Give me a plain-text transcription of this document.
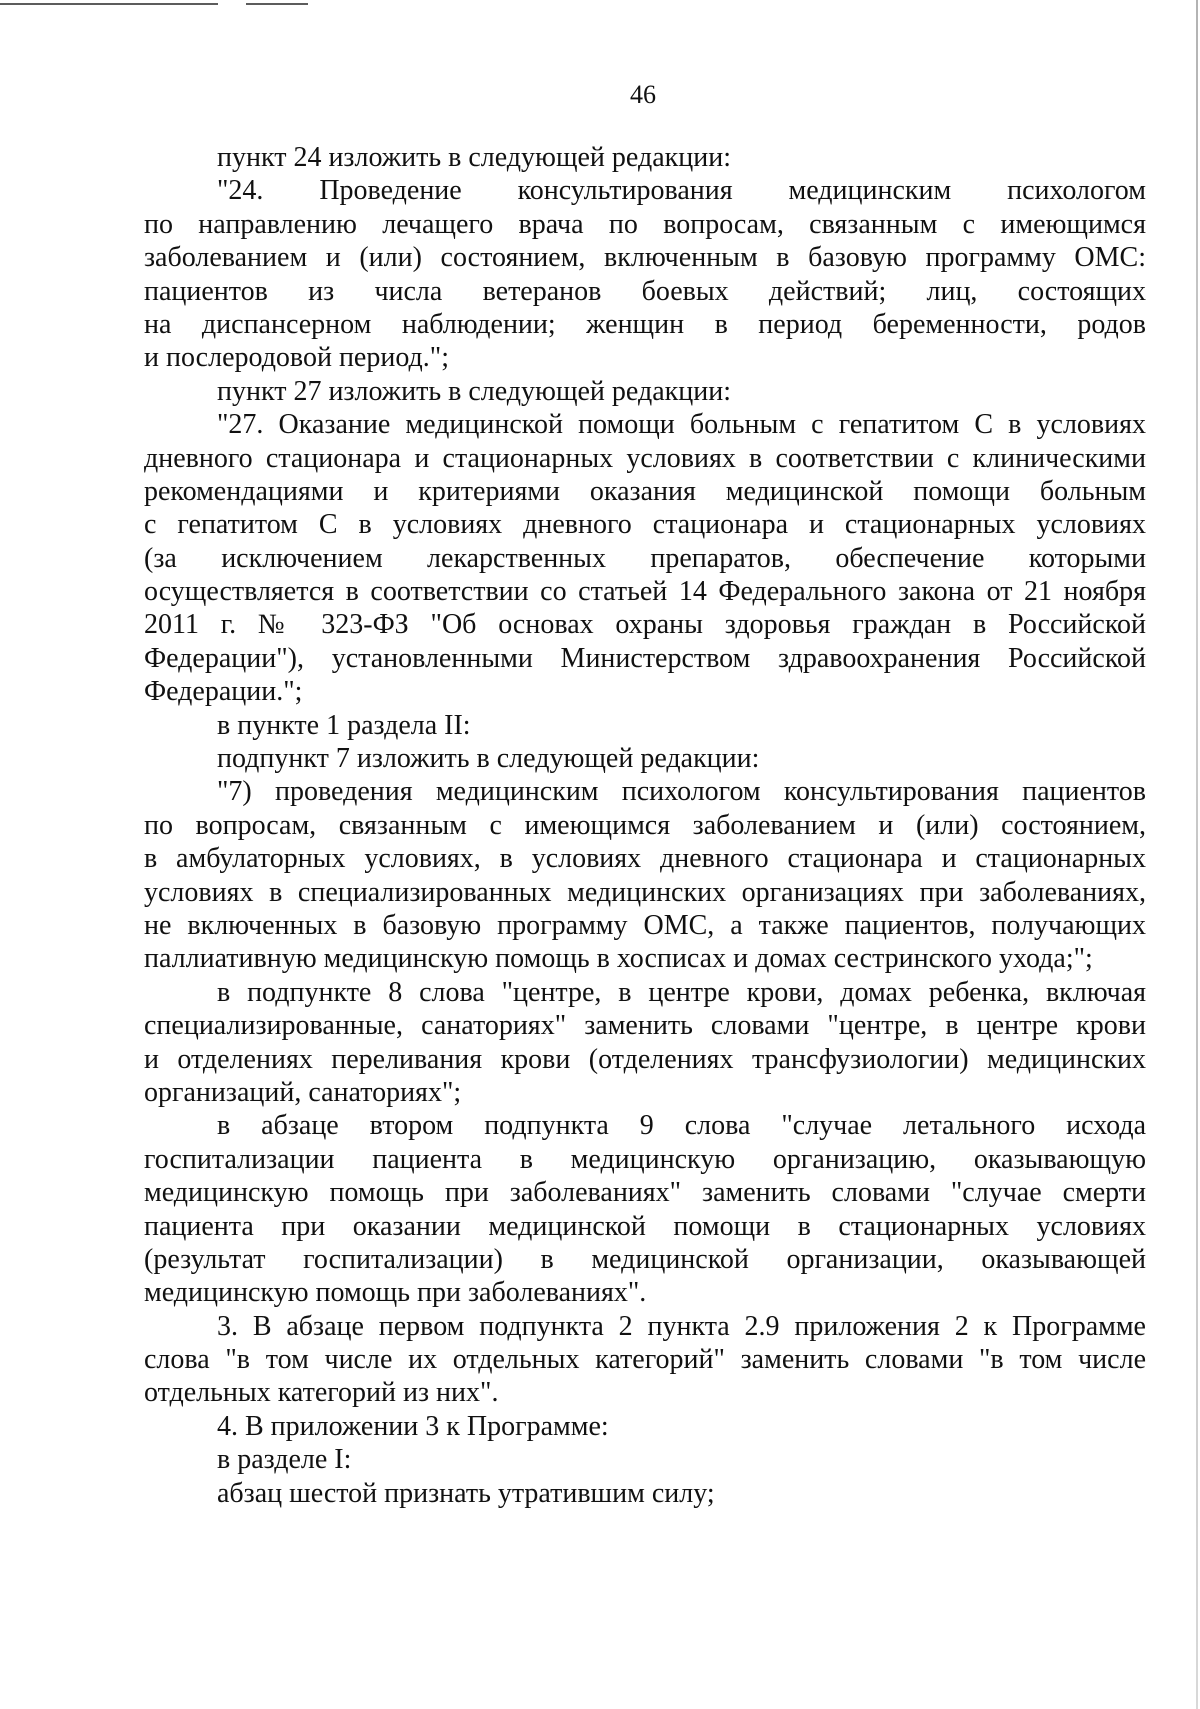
46
пункт 24 изложить в следующей редакции:
"24. Проведение консультирования медицинским психологом
по направлению лечащего врача по вопросам, связанным с имеющимся
заболеванием и (или) состоянием, включенным в базовую программу ОМС:
пациентов из числа ветеранов боевых действий; лиц, состоящих
на диспансерном наблюдении; женщин в период беременности, родов
и послеродовой период.";
пункт 27 изложить в следующей редакции:
"27. Оказание медицинской помощи больным с гепатитом С в условиях
дневного стационара и стационарных условиях в соответствии с клиническими
рекомендациями и критериями оказания медицинской помощи больным
с гепатитом С в условиях дневного стационара и стационарных условиях
(за исключением лекарственных препаратов, обеспечение которыми
осуществляется в соответствии со статьей 14 Федерального закона от 21 ноября
2011 г. № 323-ФЗ "Об основах охраны здоровья граждан в Российской
Федерации"), установленными Министерством здравоохранения Российской
Федерации.";
в пункте 1 раздела II:
подпункт 7 изложить в следующей редакции:
"7) проведения медицинским психологом консультирования пациентов
по вопросам, связанным с имеющимся заболеванием и (или) состоянием,
в амбулаторных условиях, в условиях дневного стационара и стационарных
условиях в специализированных медицинских организациях при заболеваниях,
не включенных в базовую программу ОМС, а также пациентов, получающих
паллиативную медицинскую помощь в хосписах и домах сестринского ухода;";
в подпункте 8 слова "центре, в центре крови, домах ребенка, включая
специализированные, санаториях" заменить словами "центре, в центре крови
и отделениях переливания крови (отделениях трансфузиологии) медицинских
организаций, санаториях";
в абзаце втором подпункта 9 слова "случае летального исхода
госпитализации пациента в медицинскую организацию, оказывающую
медицинскую помощь при заболеваниях" заменить словами "случае смерти
пациента при оказании медицинской помощи в стационарных условиях
(результат госпитализации) в медицинской организации, оказывающей
медицинскую помощь при заболеваниях".
3. В абзаце первом подпункта 2 пункта 2.9 приложения 2 к Программе
слова "в том числе их отдельных категорий" заменить словами "в том числе
отдельных категорий из них".
4. В приложении 3 к Программе:
в разделе I:
абзац шестой признать утратившим силу;
